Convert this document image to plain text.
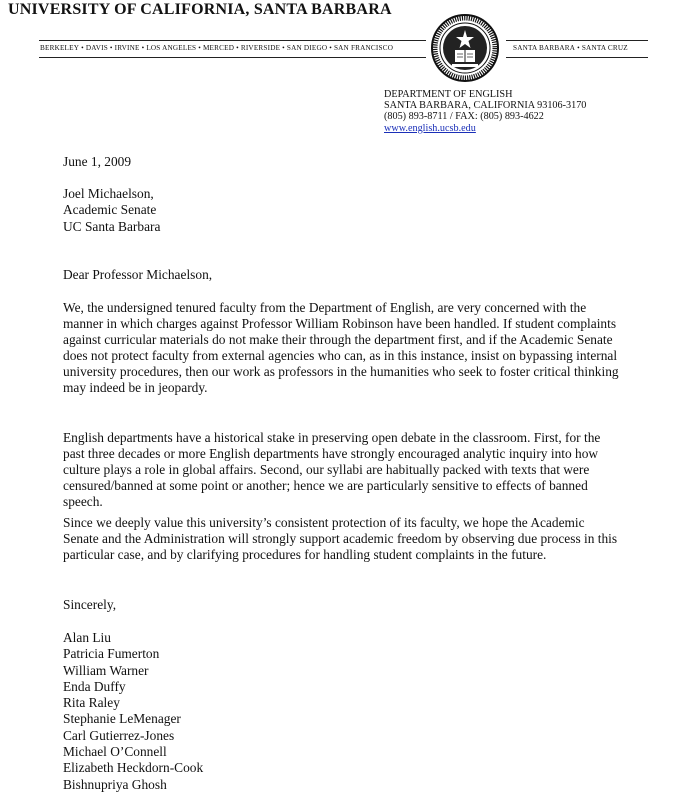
UNIVERSITY OF CALIFORNIA, SANTA BARBARA
BERKELEY • DAVIS • IRVINE • LOS ANGELES • MERCED • RIVERSIDE • SAN DIEGO • SAN FRANCISCO	SANTA BARBARA • SANTA CRUZ
DEPARTMENT OF ENGLISH
SANTA BARBARA, CALIFORNIA 93106-3170
(805) 893-8711 / FAX: (805) 893-4622
www.english.ucsb.edu
June 1, 2009
Joel Michaelson,
Academic Senate
UC Santa Barbara
Dear Professor Michaelson,

We, the undersigned tenured faculty from the Department of English, are very concerned with the manner in which charges against Professor William Robinson have been handled. If student complaints against curricular materials do not make their through the department first, and if the Academic Senate does not protect faculty from external agencies who can, as in this instance, insist on bypassing internal university procedures, then our work as professors in the humanities who seek to foster critical thinking may indeed be in jeopardy.

English departments have a historical stake in preserving open debate in the classroom. First, for the past three decades or more English departments have strongly encouraged analytic inquiry into how culture plays a role in global affairs. Second, our syllabi are habitually packed with texts that were censured/banned at some point or another; hence we are particularly sensitive to effects of banned speech.

Since we deeply value this university’s consistent protection of its faculty, we hope the Academic Senate and the Administration will strongly support academic freedom by observing due process in this particular case, and by clarifying procedures for handling student complaints in the future.

Sincerely,
Alan Liu
Patricia Fumerton
William Warner
Enda Duffy
Rita Raley
Stephanie LeMenager
Carl Gutierrez-Jones
Michael O’Connell
Elizabeth Heckdorn-Cook
Bishnupriya Ghosh
